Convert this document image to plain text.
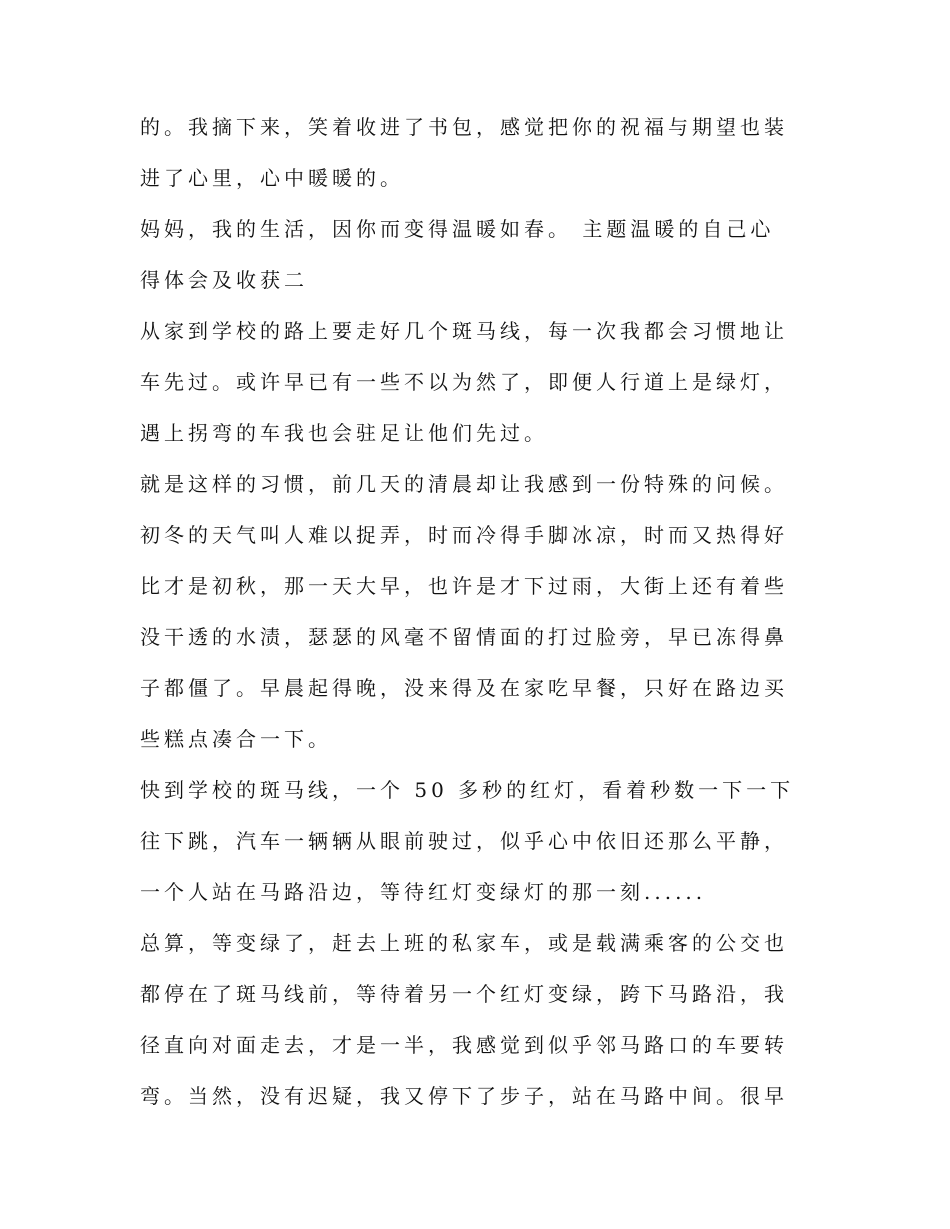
的。我摘下来，笑着收进了书包，感觉把你的祝福与期望也装
进了心里，心中暖暖的。
妈妈，我的生活，因你而变得温暖如春。 主题温暖的自己心
得体会及收获二
从家到学校的路上要走好几个斑马线，每一次我都会习惯地让
车先过。或许早已有一些不以为然了，即便人行道上是绿灯，
遇上拐弯的车我也会驻足让他们先过。
就是这样的习惯，前几天的清晨却让我感到一份特殊的问候。
初冬的天气叫人难以捉弄，时而冷得手脚冰凉，时而又热得好
比才是初秋，那一天大早，也许是才下过雨，大街上还有着些
没干透的水渍，瑟瑟的风毫不留情面的打过脸旁，早已冻得鼻
子都僵了。早晨起得晚，没来得及在家吃早餐，只好在路边买
些糕点凑合一下。
快到学校的斑马线，一个 50 多秒的红灯，看着秒数一下一下
往下跳，汽车一辆辆从眼前驶过，似乎心中依旧还那么平静，
一个人站在马路沿边，等待红灯变绿灯的那一刻......
总算，等变绿了，赶去上班的私家车，或是载满乘客的公交也
都停在了斑马线前，等待着另一个红灯变绿，跨下马路沿，我
径直向对面走去，才是一半，我感觉到似乎邻马路口的车要转
弯。当然，没有迟疑，我又停下了步子，站在马路中间。很早
